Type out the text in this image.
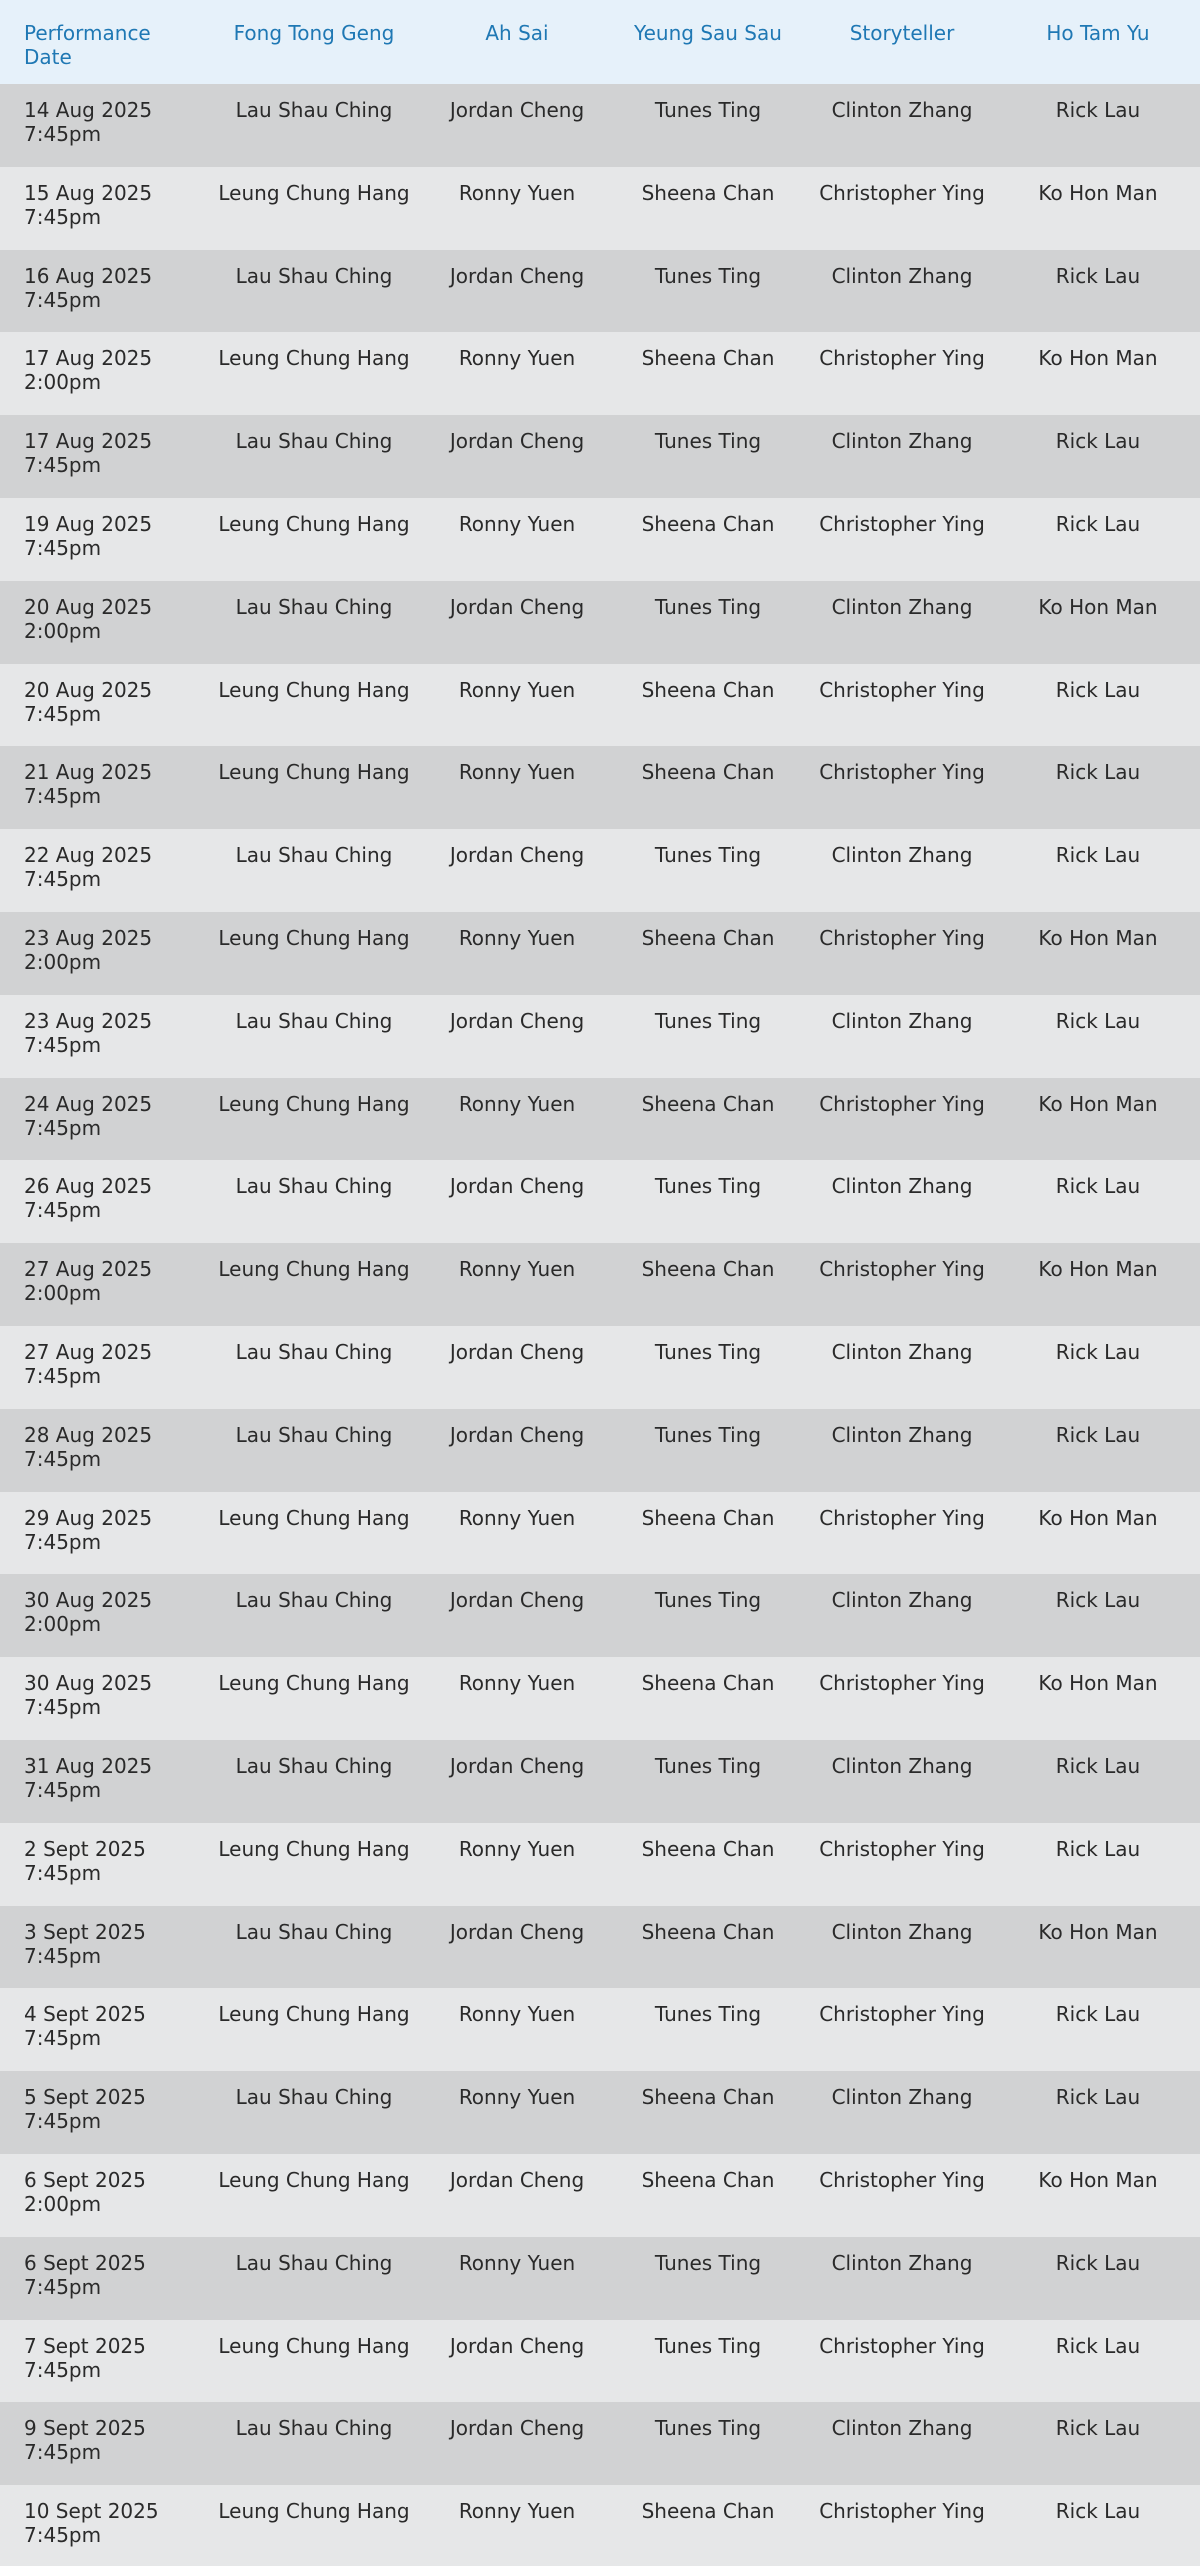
Performance
Date	Fong Tong Geng	Ah Sai	Yeung Sau Sau	Storyteller	Ho Tam Yu

14 Aug 2025
7:45pm	Lau Shau Ching	Jordan Cheng	Tunes Ting	Clinton Zhang	Rick Lau

15 Aug 2025
7:45pm	Leung Chung Hang	Ronny Yuen	Sheena Chan	Christopher Ying	Ko Hon Man

16 Aug 2025
7:45pm	Lau Shau Ching	Jordan Cheng	Tunes Ting	Clinton Zhang	Rick Lau

17 Aug 2025
2:00pm	Leung Chung Hang	Ronny Yuen	Sheena Chan	Christopher Ying	Ko Hon Man

17 Aug 2025
7:45pm	Lau Shau Ching	Jordan Cheng	Tunes Ting	Clinton Zhang	Rick Lau

19 Aug 2025
7:45pm	Leung Chung Hang	Ronny Yuen	Sheena Chan	Christopher Ying	Rick Lau

20 Aug 2025
2:00pm	Lau Shau Ching	Jordan Cheng	Tunes Ting	Clinton Zhang	Ko Hon Man

20 Aug 2025
7:45pm	Leung Chung Hang	Ronny Yuen	Sheena Chan	Christopher Ying	Rick Lau

21 Aug 2025
7:45pm	Leung Chung Hang	Ronny Yuen	Sheena Chan	Christopher Ying	Rick Lau

22 Aug 2025
7:45pm	Lau Shau Ching	Jordan Cheng	Tunes Ting	Clinton Zhang	Rick Lau

23 Aug 2025
2:00pm	Leung Chung Hang	Ronny Yuen	Sheena Chan	Christopher Ying	Ko Hon Man

23 Aug 2025
7:45pm	Lau Shau Ching	Jordan Cheng	Tunes Ting	Clinton Zhang	Rick Lau

24 Aug 2025
7:45pm	Leung Chung Hang	Ronny Yuen	Sheena Chan	Christopher Ying	Ko Hon Man

26 Aug 2025
7:45pm	Lau Shau Ching	Jordan Cheng	Tunes Ting	Clinton Zhang	Rick Lau

27 Aug 2025
2:00pm	Leung Chung Hang	Ronny Yuen	Sheena Chan	Christopher Ying	Ko Hon Man

27 Aug 2025
7:45pm	Lau Shau Ching	Jordan Cheng	Tunes Ting	Clinton Zhang	Rick Lau

28 Aug 2025
7:45pm	Lau Shau Ching	Jordan Cheng	Tunes Ting	Clinton Zhang	Rick Lau

29 Aug 2025
7:45pm	Leung Chung Hang	Ronny Yuen	Sheena Chan	Christopher Ying	Ko Hon Man

30 Aug 2025
2:00pm	Lau Shau Ching	Jordan Cheng	Tunes Ting	Clinton Zhang	Rick Lau

30 Aug 2025
7:45pm	Leung Chung Hang	Ronny Yuen	Sheena Chan	Christopher Ying	Ko Hon Man

31 Aug 2025
7:45pm	Lau Shau Ching	Jordan Cheng	Tunes Ting	Clinton Zhang	Rick Lau

2 Sept 2025
7:45pm	Leung Chung Hang	Ronny Yuen	Sheena Chan	Christopher Ying	Rick Lau

3 Sept 2025
7:45pm	Lau Shau Ching	Jordan Cheng	Sheena Chan	Clinton Zhang	Ko Hon Man

4 Sept 2025
7:45pm	Leung Chung Hang	Ronny Yuen	Tunes Ting	Christopher Ying	Rick Lau

5 Sept 2025
7:45pm	Lau Shau Ching	Ronny Yuen	Sheena Chan	Clinton Zhang	Rick Lau

6 Sept 2025
2:00pm	Leung Chung Hang	Jordan Cheng	Sheena Chan	Christopher Ying	Ko Hon Man

6 Sept 2025
7:45pm	Lau Shau Ching	Ronny Yuen	Tunes Ting	Clinton Zhang	Rick Lau

7 Sept 2025
7:45pm	Leung Chung Hang	Jordan Cheng	Tunes Ting	Christopher Ying	Rick Lau

9 Sept 2025
7:45pm	Lau Shau Ching	Jordan Cheng	Tunes Ting	Clinton Zhang	Rick Lau

10 Sept 2025
7:45pm	Leung Chung Hang	Ronny Yuen	Sheena Chan	Christopher Ying	Rick Lau
